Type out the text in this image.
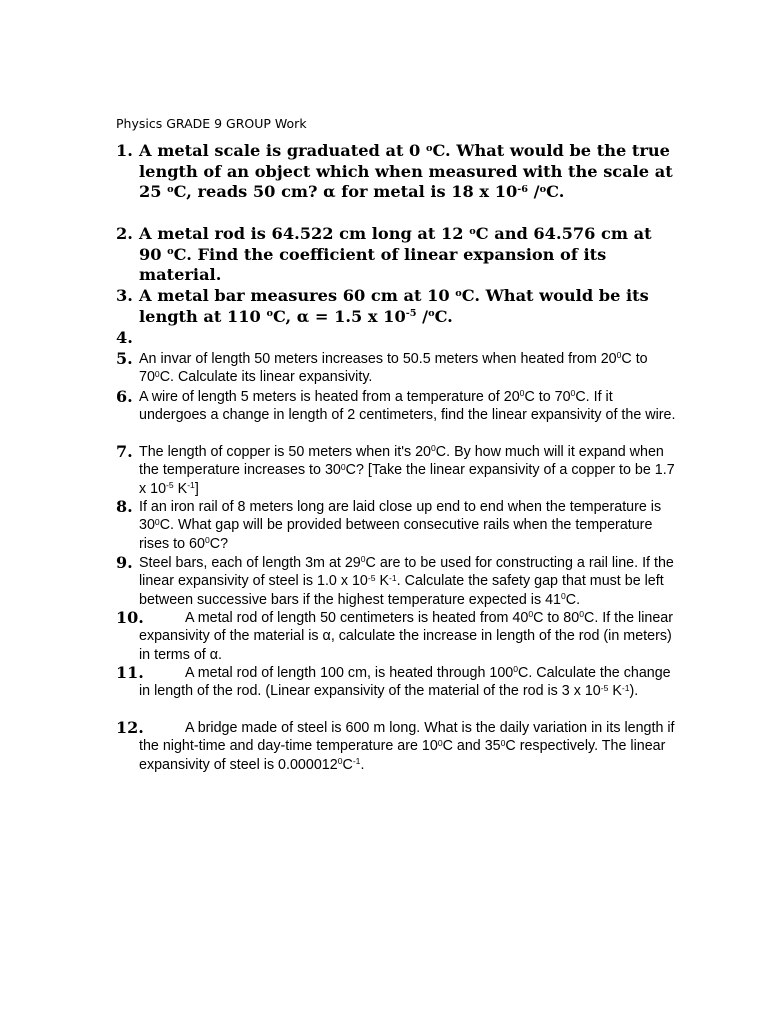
Physics GRADE 9 GROUP Work
1. A metal scale is graduated at 0 $^o$C. What would be the true length of an object which when measured with the scale at 25 $^o$C, reads 50 cm? α for metal is 18 x $10^{-6}$ /$^o$C.
2. A metal rod is 64.522 cm long at 12 $^o$C and 64.576 cm at 90 $^o$C. Find the coefficient of linear expansion of its material.
3. A metal bar measures 60 cm at 10 $^o$C. What would be its length at 110 $^o$C, α = 1.5 x $10^{-5}$ /$^o$C.
4.
5. An invar of length 50 meters increases to 50.5 meters when heated from $20^0C$ to $70^0C$. Calculate its linear expansivity.
6. A wire of length 5 meters is heated from a temperature of $20^0C$ to $70^0C$. If it undergoes a change in length of 2 centimeters, find the linear expansivity of the wire.
7. The length of copper is 50 meters when it's $20^0C$. By how much will it expand when the temperature increases to $30^0C$? [Take the linear expansivity of a copper to be 1.7 x $10^{-5}$ $K^{-1}$]
8. If an iron rail of 8 meters long are laid close up end to end when the temperature is $30^0C$. What gap will be provided between consecutive rails when the temperature rises to $60^0C$?
9. Steel bars, each of length 3m at $29^0C$ are to be used for constructing a rail line. If the linear expansivity of steel is 1.0 x $10^{-5}$ $K^{-1}$. Calculate the safety gap that must be left between successive bars if the highest temperature expected is $41^0C$.
10.	A metal rod of length 50 centimeters is heated from $40^0C$ to $80^0C$. If the linear expansivity of the material is α, calculate the increase in length of the rod (in meters) in terms of α.
11.	A metal rod of length 100 cm, is heated through $100^0C$. Calculate the change in length of the rod. (Linear expansivity of the material of the rod is 3 x $10^{-5}$ $K^{-1}$).
12.	A bridge made of steel is 600 m long. What is the daily variation in its length if the night-time and day-time temperature are $10^0C$ and $35^0C$ respectively. The linear expansivity of steel is $0.000012^0C^{-1}$.
